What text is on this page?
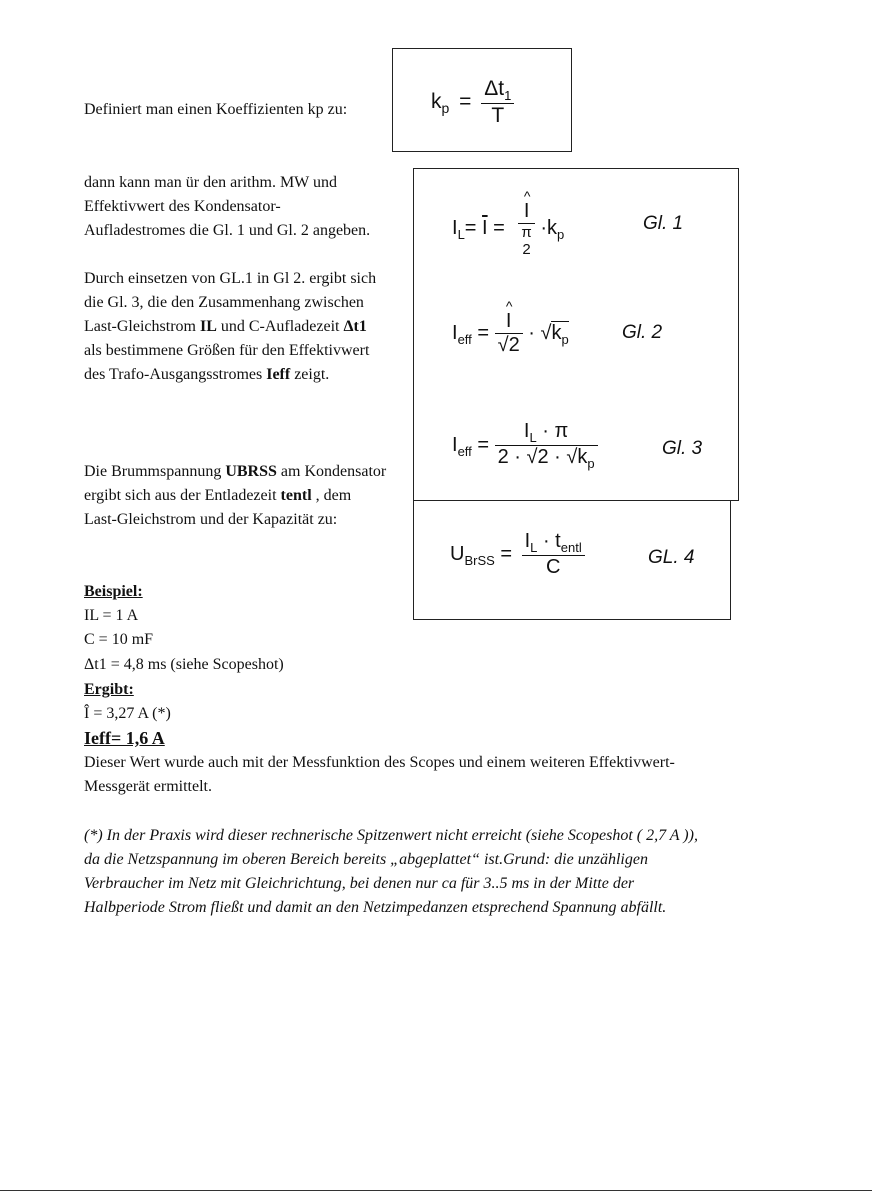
Definiert man einen Koeffizienten kp zu:	$k_p = \frac{\Delta t_1}{T}$
dann kann man ür den arithm. MW und
Effektivwert des Kondensator-
Aufladestromes die Gl. 1 und Gl. 2 angeben.
Durch einsetzen von GL.1 in Gl 2. ergibt sich
die Gl. 3, die den Zusammenhang zwischen
Last-Gleichstrom IL und C-Aufladezeit Δt1
als bestimmene Größen für den Effektivwert
des Trafo-Ausgangsstromes Ieff zeigt.
Die Brummspannung UBRSS am Kondensator
ergibt sich aus der Entladezeit tentl , dem
Last-Gleichstrom und der Kapazität zu:
$I_L= \overline{I}$ =
^ I
π
2
$\cdot k_p$
Gl. 1
$I_{eff}$ = ^ $\frac{I}{√2} \cdot √k_p$	Gl. 2
$I_{eff} = \frac{I_L \cdot \pi}{2 \cdot √2 \cdot √k_p}$	Gl. 3
$U_{BrSS} = \frac{I_L \cdot t_{entl}}{C}$	GL. 4
Beispiel:
IL = 1 A
C = 10 mF
Δt1 = 4,8 ms (siehe Scopeshot)
Ergibt:
Î = 3,27 A (*)
Ieff= 1,6 A
Dieser Wert wurde auch mit der Messfunktion des Scopes und einem weiteren Effektivwert-
Messgerät ermittelt.
(*) In der Praxis wird dieser rechnerische Spitzenwert nicht erreicht (siehe Scopeshot ( 2,7 A )),
da die Netzspannung im oberen Bereich bereits „abgeplattet“ ist.Grund: die unzähligen
Verbraucher im Netz mit Gleichrichtung, bei denen nur ca für 3..5 ms in der Mitte der
Halbperiode Strom fließt und damit an den Netzimpedanzen etsprechend Spannung abfällt.
